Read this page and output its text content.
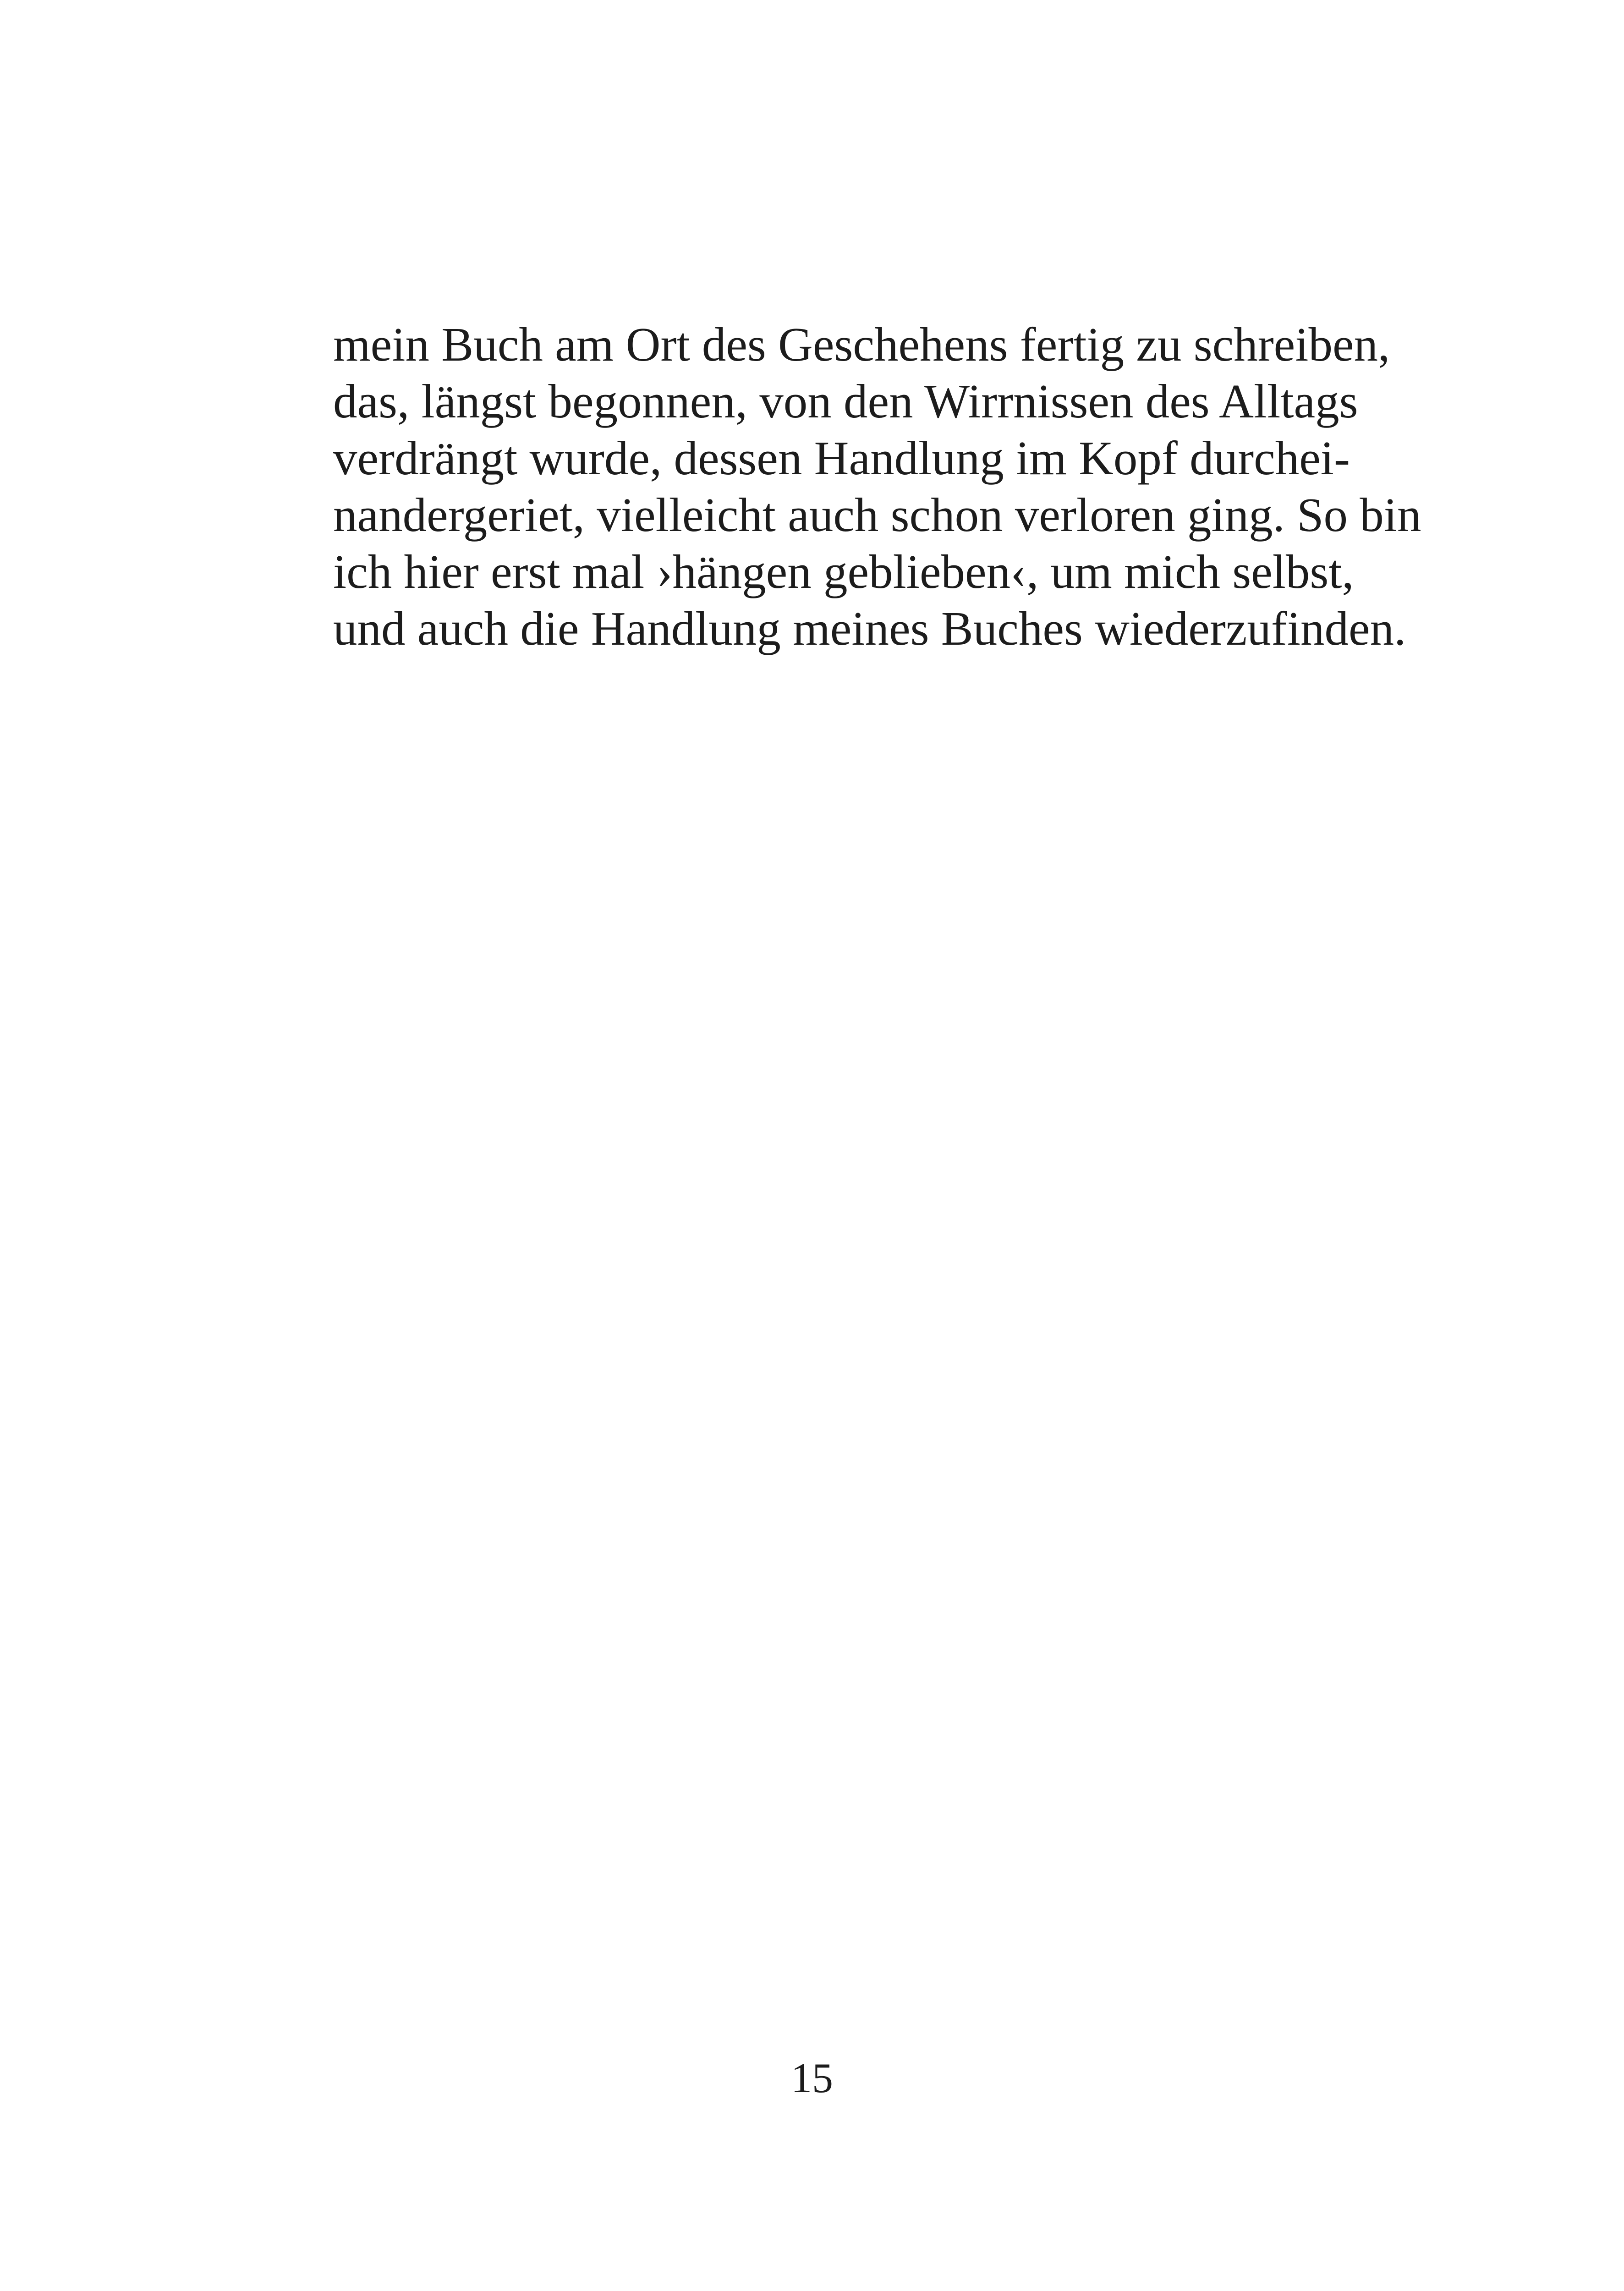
mein Buch am Ort des Geschehens fertig zu schreiben,
das, längst begonnen, von den Wirrnissen des Alltags
verdrängt wurde, dessen Handlung im Kopf durchei-
nandergeriet, vielleicht auch schon verloren ging. So bin
ich hier erst mal ›hängen geblieben‹, um mich selbst,
und auch die Handlung meines Buches wiederzufinden.
15
